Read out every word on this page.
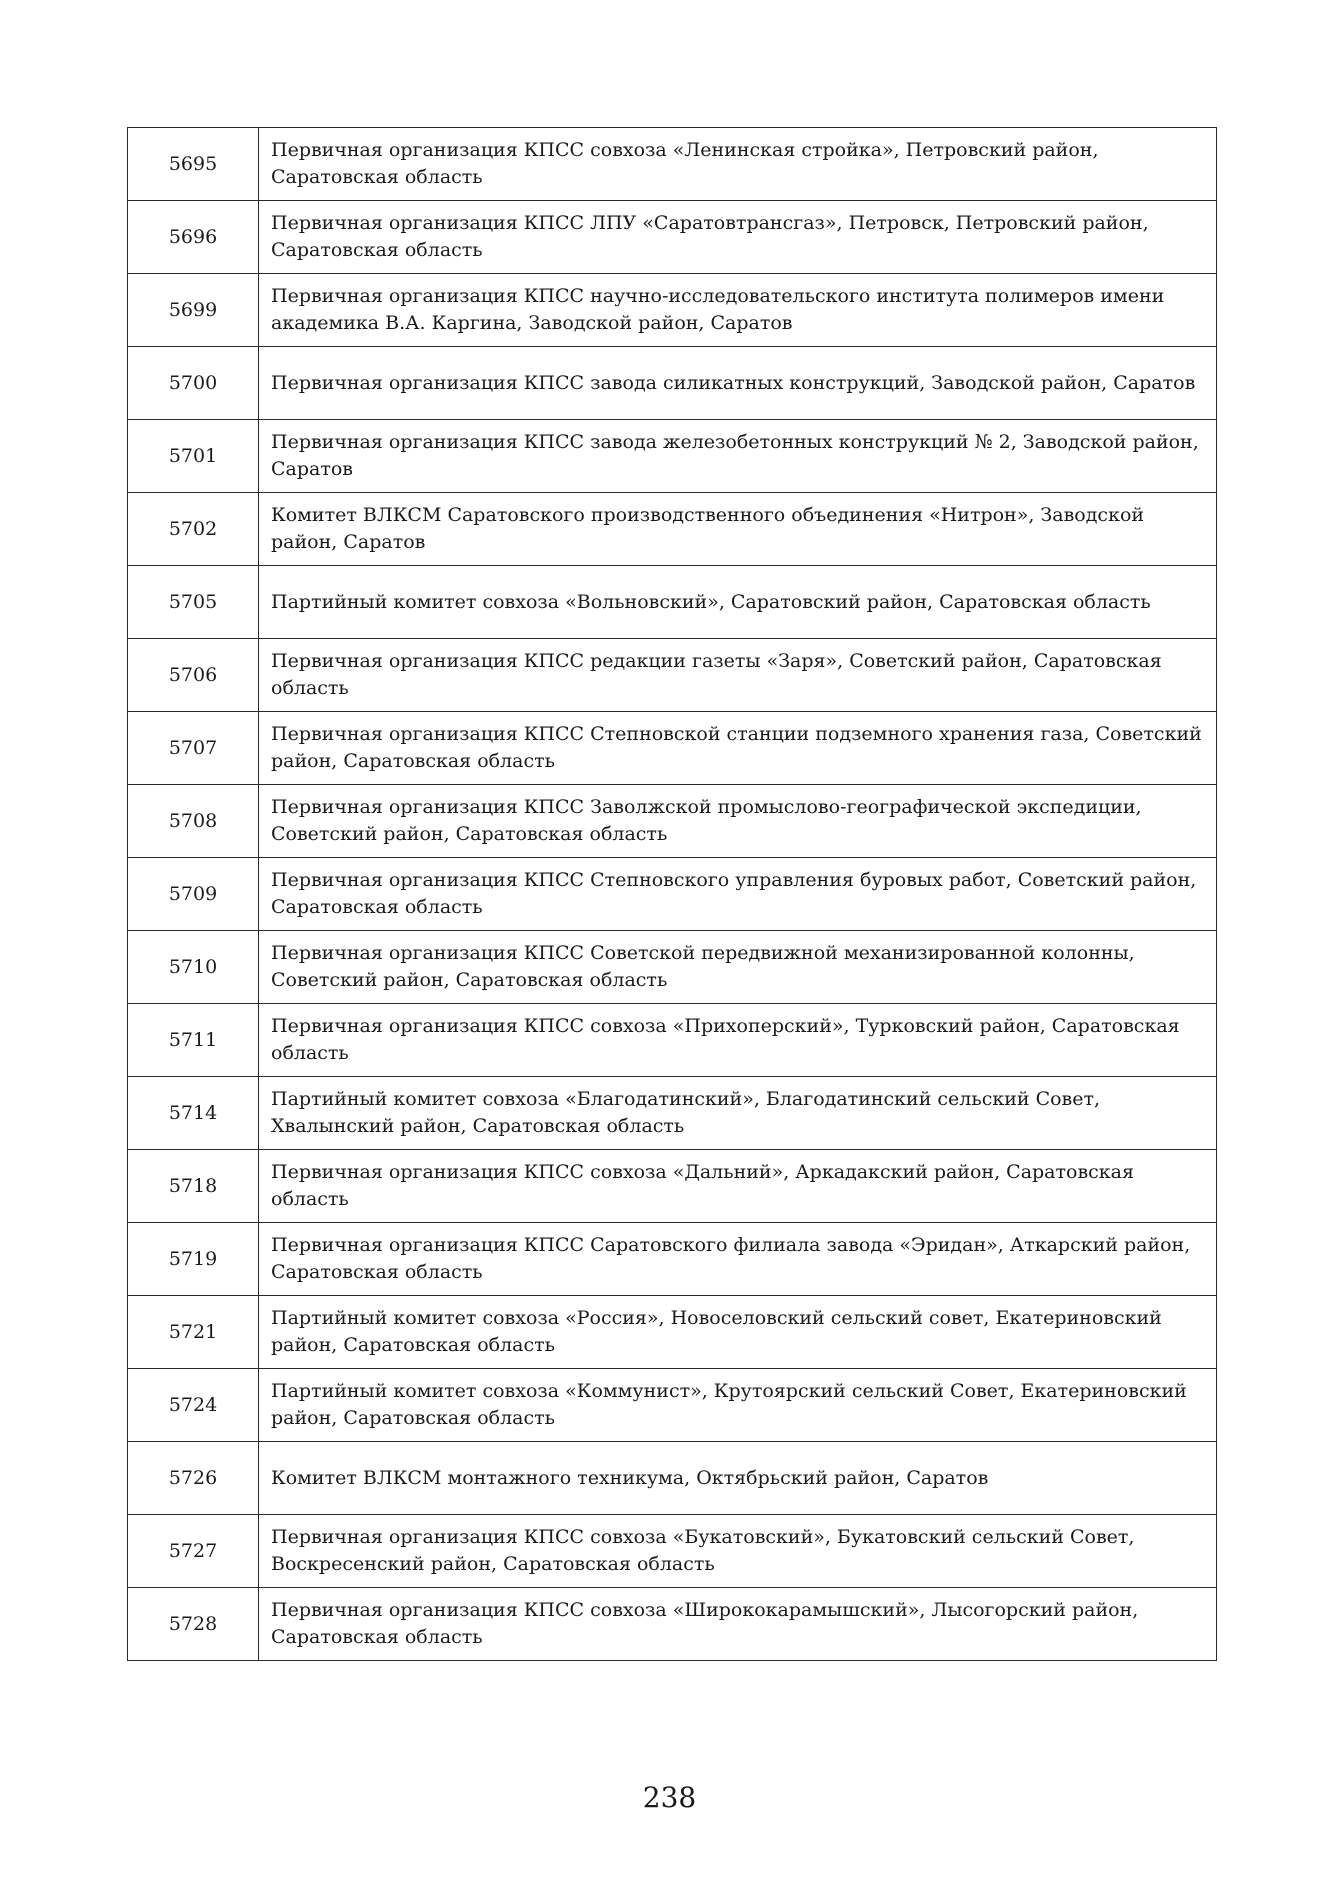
5695	Первичная организация КПСС совхоза «Ленинская стройка», Петровский район, Саратовская область
5696	Первичная организация КПСС ЛПУ «Саратовтрансгаз», Петровск, Петровский район, Саратовская область
5699	Первичная организация КПСС научно-исследовательского института полимеров имени академика В.А. Каргина, Заводской район, Саратов
5700	Первичная организация КПСС завода силикатных конструкций, Заводской район, Саратов
5701	Первичная организация КПСС завода железобетонных конструкций № 2, Заводской район, Саратов
5702	Комитет ВЛКСМ Саратовского производственного объединения «Нитрон», Заводской район, Саратов
5705	Партийный комитет совхоза «Вольновский», Саратовский район, Саратовская область
5706	Первичная организация КПСС редакции газеты «Заря», Советский район, Саратовская область
5707	Первичная организация КПСС Степновской станции подземного хранения газа, Советский район, Саратовская область
5708	Первичная организация КПСС Заволжской промыслово-географической экспедиции, Советский район, Саратовская область
5709	Первичная организация КПСС Степновского управления буровых работ, Советский район, Саратовская область
5710	Первичная организация КПСС Советской передвижной механизированной колонны, Советский район, Саратовская область
5711	Первичная организация КПСС совхоза «Прихоперский», Турковский район, Саратовская область
5714	Партийный комитет совхоза «Благодатинский», Благодатинский сельский Совет, Хвалынский район, Саратовская область
5718	Первичная организация КПСС совхоза «Дальний», Аркадакский район, Саратовская область
5719	Первичная организация КПСС Саратовского филиала завода «Эридан», Аткарский район, Саратовская область
5721	Партийный комитет совхоза «Россия», Новоселовский сельский совет, Екатериновский район, Саратовская область
5724	Партийный комитет совхоза «Коммунист», Крутоярский сельский Совет, Екатериновский район, Саратовская область
5726	Комитет ВЛКСМ монтажного техникума, Октябрьский район, Саратов
5727	Первичная организация КПСС совхоза «Букатовский», Букатовский сельский Совет, Воскресенский район, Саратовская область
5728	Первичная организация КПСС совхоза «Ширококарамышский», Лысогорский район, Саратовская область
238
